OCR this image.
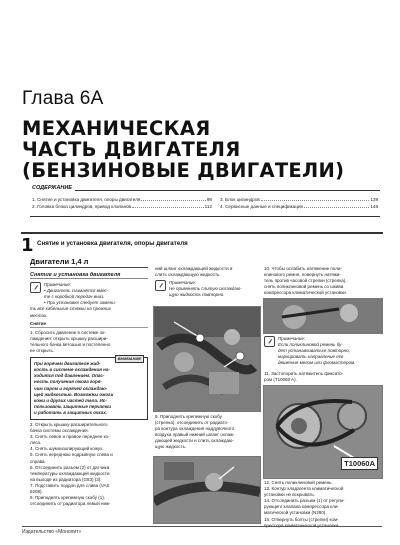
Глава 6A
МЕХАНИЧЕСКАЯ
ЧАСТЬ ДВИГАТЕЛЯ
(БЕНЗИНОВЫЕ ДВИГАТЕЛИ)
СОДЕРЖАНИЕ
1. Снятие и установка двигателя, опоры двигателя	98
2. Головка блока цилиндров, привод клапанов	112
3. Блок цилиндров	139
4. Сервисные данные и спецификация	148
1 Снятие и установка двигателя, опоры двигателя
Двигатели 1,4 л
Снятие и установка двигателя
Примечание:
• Двигатель снимается вмес-
те с коробкой передач вниз.
• При установке следует замени-
ть все кабельные стяжки на прежних
местах.
Снятие
1. Сбросить давление в системе ох-
лаждения: открыть крышку расшири-
тельного бачка ветошью и постепенно
ее открыть.
ВНИМАНИЕ
При горячем двигателе жид-
кость в системе охлаждения на-
ходится под давлением. Опас-
ность получения ожога горя-
чим паром и горячей охлаждаю-
щей жидкостью. Возможны ожоги
кожи и других частей тела. Ис-
пользовать защитные перчатки
и работать в защитных очках.
2. Открыть крышку расширительного
бачка системы охлаждения.
3. Снять левое и правое переднее ко-
леса.
4. Снять шумоизолирующий кожух.
5. Снять переднюю подрывную слева и
справа.
6. Отсоединить разъем (2) от датчика
температуры охлаждающей жидкости
на выходе из радиатора (G83) (3).
7. Подставить поддон для слива (VAS
6208).
8. Приподнять крепежную скобу (1),
отсоединить от радиатора левый ниж-
ний шланг охлаждающей жидкости и
слить охлаждающую жидкость.
Примечание:
Не применять слитую охлаждаю-
щую жидкость повторно.
9. Приподнять крепежную скобу
(стрелка), отсоединить от радиато-
ра контура охлаждения наддувочного
воздуха правый нижний шланг охлаж-
дающей жидкости и слить охлаждаю-
щую жидкость.
10. Чтобы ослабить натяжение поли-
клинового ремня, повернуть натяжи-
тель против часовой стрелки (стрелка),
снять поликлиновой ремень со шкива
компрессора климатической установки.
Примечание:
Если поликлиновой ремень бу-
дет устанавливаться повторно,
маркировать направление его
движения мелом или фломастером.
11. Застопорить натяжитель фиксато-
ром (T10060 A).
T10060A
12. Снять поликлиновой ремень.
13. Контур хладагента климатической
установки не вскрывать.
14. Отсоединить разъем (1) от регули-
рующего клапана компрессора кли-
матической установки (N280).
15. Отвернуть болты (стрелки) ком-
прессора климатической установки.
Издательство «Монолит»
